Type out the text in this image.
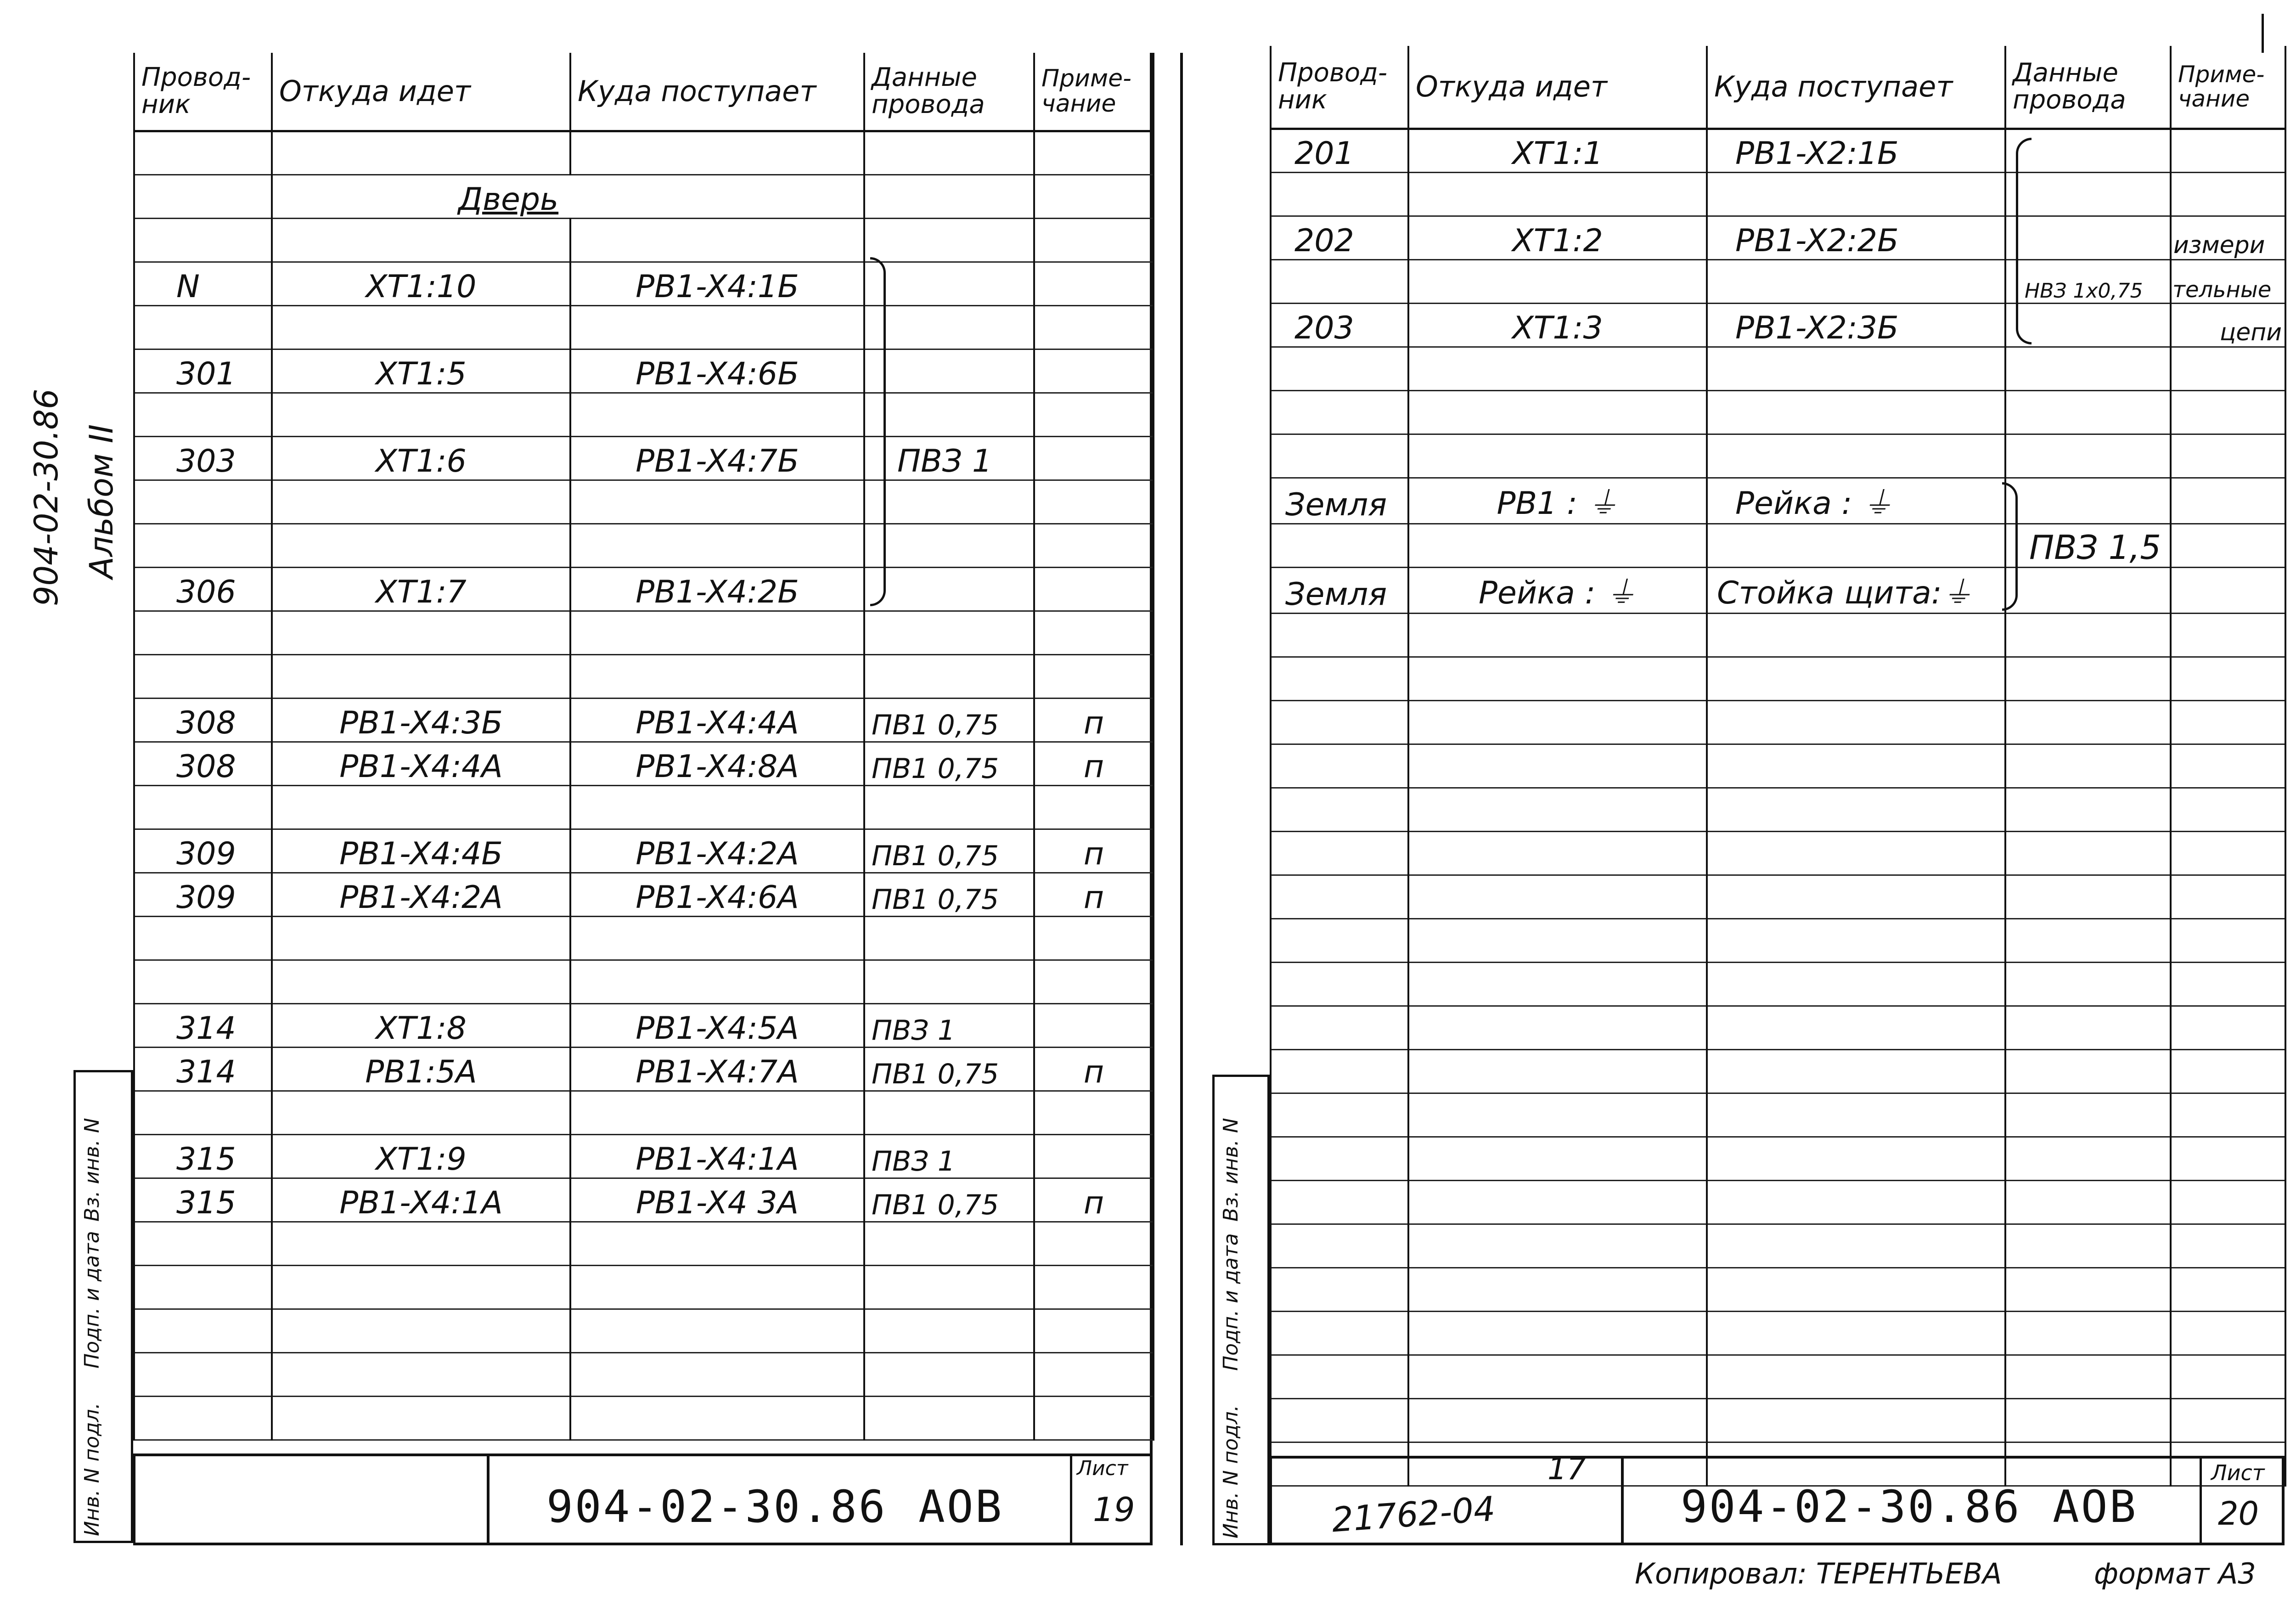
904-02-30.86 Альбом II
Инв. N подл.
Подп. и дата
Вз. инв. N
Провод-ник	Откуда идет	Куда поступает	Данные провода	Приме-чание

	Дверь			

N	XT1:10	PB1-X4:1Б		

301	XT1:5	PB1-X4:6Б		

303	XT1:6	PB1-X4:7Б	ПВЗ 1	

306	XT1:7	PB1-X4:2Б		

308	PB1-X4:3Б	PB1-X4:4A	ПВ1 0,75	п
308	PB1-X4:4A	PB1-X4:8A	ПВ1 0,75	п

309	PB1-X4:4Б	PB1-X4:2A	ПВ1 0,75	п
309	PB1-X4:2A	PB1-X4:6A	ПВ1 0,75	п

314	XT1:8	PB1-X4:5A	ПВЗ 1	
314	PB1:5A	PB1-X4:7A	ПВ1 0,75	п

315	XT1:9	PB1-X4:1A	ПВЗ 1	
315	PB1-X4:1A	PB1-X4 3A	ПВ1 0,75	п

904-02-30.86 АОВ
Лист
19	Инв. N подл.
Подп. и дата
Вз. инв. N
Провод-ник	Откуда идет	Куда поступает	Данные провода	Приме-чание
201	XT1:1	PB1-X2:1Б		

202	XT1:2	PB1-X2:2Б		измери
			НВЗ 1х0,75	тельные
203	XT1:3	PB1-X2:3Б		цепи

Земля	PB1 : ⏚	Рейка : ⏚		
			ПВЗ 1,5	
Земля	Рейка : ⏚	Стойка щита:⏚		

17
21762-04	904-02-30.86 АОВ
Лист
20
Копировал: ТЕРЕНТЬЕВА	формат А3
